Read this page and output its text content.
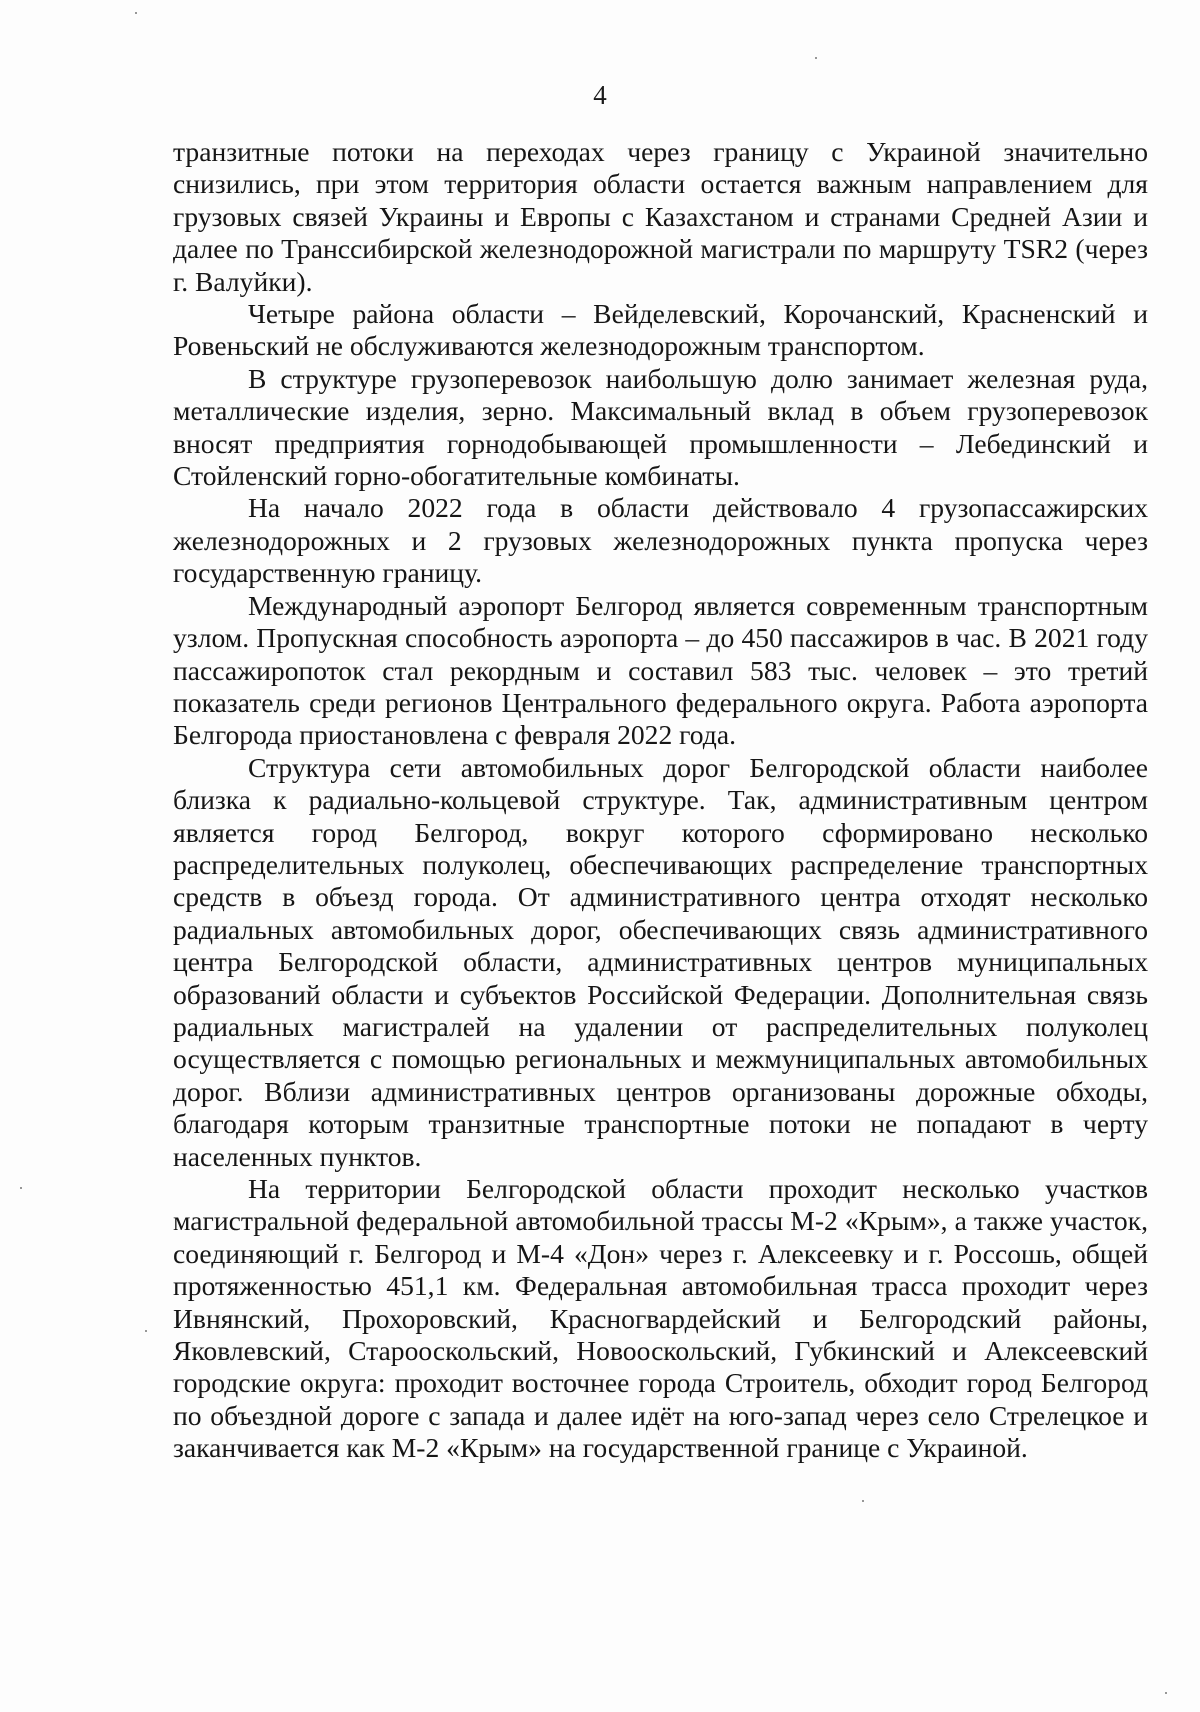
4

транзитные потоки на переходах через границу с Украиной значительно снизились, при этом территория области остается важным направлением для грузовых связей Украины и Европы с Казахстаном и странами Средней Азии и далее по Транссибирской железнодорожной магистрали по маршруту TSR2 (через г. Валуйки).

Четыре района области – Вейделевский, Корочанский, Красненский и Ровеньский не обслуживаются железнодорожным транспортом.

В структуре грузоперевозок наибольшую долю занимает железная руда, металлические изделия, зерно. Максимальный вклад в объем грузоперевозок вносят предприятия горнодобывающей промышленности – Лебединский и Стойленский горно-обогатительные комбинаты.

На начало 2022 года в области действовало 4 грузопассажирских железнодорожных и 2 грузовых железнодорожных пункта пропуска через государственную границу.

Международный аэропорт Белгород является современным транспортным узлом. Пропускная способность аэропорта – до 450 пассажиров в час. В 2021 году пассажиропоток стал рекордным и составил 583 тыс. человек – это третий показатель среди регионов Центрального федерального округа. Работа аэропорта Белгорода приостановлена с февраля 2022 года.

Структура сети автомобильных дорог Белгородской области наиболее близка к радиально-кольцевой структуре. Так, административным центром является город Белгород, вокруг которого сформировано несколько распределительных полуколец, обеспечивающих распределение транспортных средств в объезд города. От административного центра отходят несколько радиальных автомобильных дорог, обеспечивающих связь административного центра Белгородской области, административных центров муниципальных образований области и субъектов Российской Федерации. Дополнительная связь радиальных магистралей на удалении от распределительных полуколец осуществляется с помощью региональных и межмуниципальных автомобильных дорог. Вблизи административных центров организованы дорожные обходы, благодаря которым транзитные транспортные потоки не попадают в черту населенных пунктов.

На территории Белгородской области проходит несколько участков магистральной федеральной автомобильной трассы М-2 «Крым», а также участок, соединяющий г. Белгород и М-4 «Дон» через г. Алексеевку и г. Россошь, общей протяженностью 451,1 км. Федеральная автомобильная трасса проходит через Ивнянский, Прохоровский, Красногвардейский и Белгородский районы, Яковлевский, Старооскольский, Новооскольский, Губкинский и Алексеевский городские округа: проходит восточнее города Строитель, обходит город Белгород по объездной дороге с запада и далее идёт на юго-запад через село Стрелецкое и заканчивается как М-2 «Крым» на государственной границе с Украиной.
